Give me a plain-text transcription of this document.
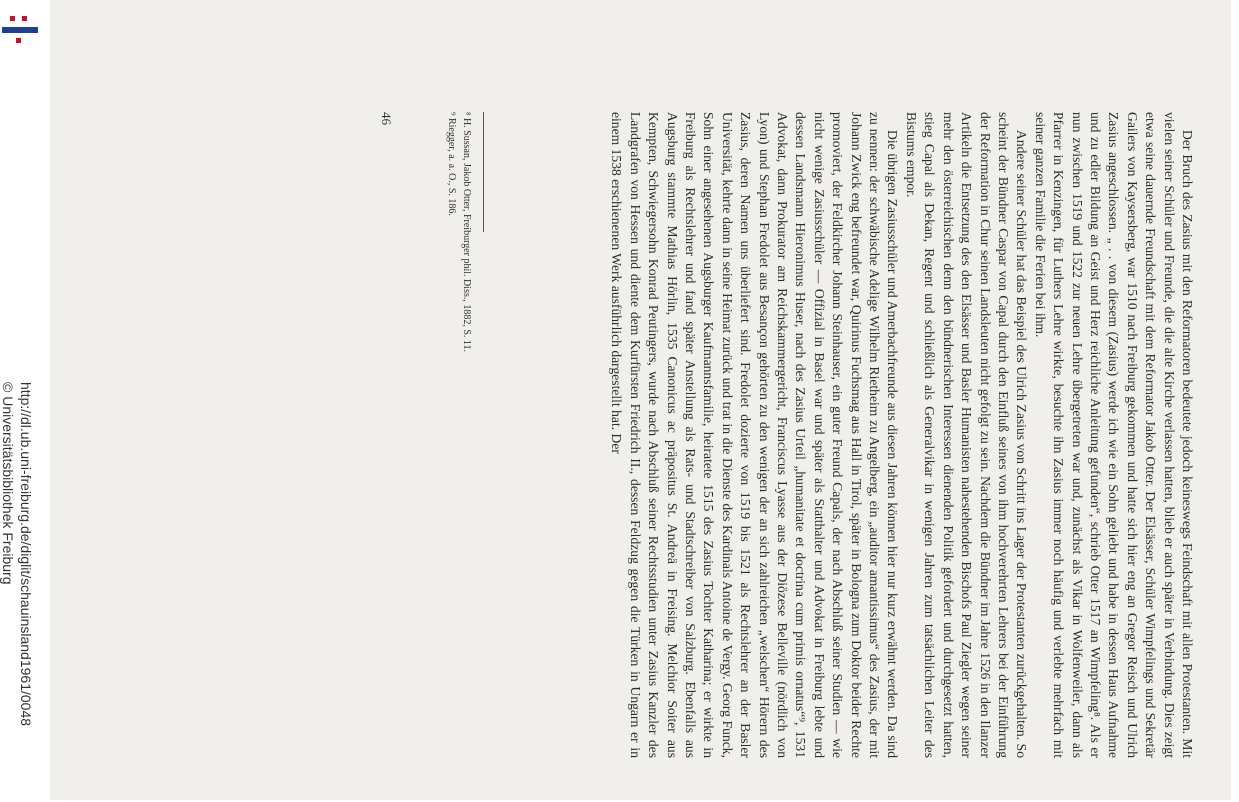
http://dl.ub.uni-freiburg.de/diglit/schauinsland1961/0048
© Universitätsbibliothek Freiburg	Der Bruch des Zasius mit den Reformatoren bedeutete jedoch keineswegs Feindschaft mit allen Protestanten. Mit vielen seiner Schüler und Freunde, die die alte Kirche verlassen hatten, blieb er auch später in Verbindung. Dies zeigt etwa seine dauernde Freundschaft mit dem Reformator Jakob Otter. Der Elsässer, Schüler Wimpfelings und Sekretär Gailers von Kaysersberg, war 1510 nach Freiburg gekommen und hatte sich hier eng an Gregor Reisch und Ulrich Zasius angeschlossen. „ . . von diesem (Zasius) werde ich wie ein Sohn geliebt und habe in dessen Haus Aufnahme und zu edler Bildung an Geist und Herz reichliche Anleitung gefunden“, schrieb Otter 1517 an Wimpfeling⁸. Als er nun zwischen 1519 und 1522 zur neuen Lehre übergetreten war und, zunächst als Vikar in Wolfenweiler, dann als Pfarrer in Kenzingen, für Luthers Lehre wirkte, besuchte ihn Zasius immer noch häufig und verlebte mehrfach mit seiner ganzen Familie die Ferien bei ihm.

Andere seiner Schüler hat das Beispiel des Ulrich Zasius von Schritt ins Lager der Protestanten zurückgehalten. So scheint der Bündner Caspar von Capal durch den Einfluß seines von ihm hochverehrten Lehrers bei der Einführung der Reformation in Chur seinen Landsleuten nicht gefolgt zu sein. Nachdem die Bündner im Jahre 1526 in den Ilanzer Artikeln die Entsetzung des den Elsässer und Basler Humanisten nahestehenden Bischofs Paul Ziegler wegen seiner mehr den österreichischen denn den bündnerischen Interessen dienenden Politik gefordert und durchgesetzt hatten, stieg Capal als Dekan, Regent und schließlich als Generalvikar in wenigen Jahren zum tatsächlichen Leiter des Bistums empor.

Die übrigen Zasiusschüler und Amerbachfreunde aus diesen Jahren können hier nur kurz erwähnt werden. Da sind zu nennen: der schwäbische Adelige Wilhelm Rietheim zu Angelberg, ein „auditor amantissimus“ des Zasius, der mit Johann Zwick eng befreundet war, Quirinus Fuchsmag aus Hall in Tirol, später in Bologna zum Doktor beider Rechte promoviert, der Feldkircher Johann Steinhauser, ein guter Freund Capals, der nach Abschluß seiner Studien — wie nicht wenige Zasiusschüler — Offizial in Basel war und später als Statthalter und Advokat in Freiburg lebte und dessen Landsmann Hieronimus Huser, nach des Zasius Urteil „humanitate et doctrina cum primis ornatus“⁹, 1531 Advokat, dann Prokurator am Reichskammergericht, Franciscus Lyasse aus der Diözese Belleville (nördlich von Lyon) und Stephan Fredolet aus Besançon gehörten zu den wenigen der an sich zahlreichen „welschen“ Hörern des Zasius, deren Namen uns überliefert sind. Fredolet dozierte von 1519 bis 1521 als Rechtslehrer an der Basler Universität, kehrte dann in seine Heimat zurück und trat in die Dienste des Kardinals Antoine de Vergy. Georg Funck, Sohn einer angesehenen Augsburger Kaufmannsfamilie, heiratete 1515 des Zasius Tochter Katharina; er wirkte in Freiburg als Rechtslehrer und fand später Anstellung als Rats- und Stadtschreiber von Salzburg. Ebenfalls aus Augsburg stammte Mathias Hörlin, 1535 Canonicus ac präpositus St. Andreä in Freising. Melchior Soiter aus Kempten, Schwiegersohn Konrad Peutingers, wurde nach Abschluß seiner Rechtsstudien unter Zasius Kanzler des Landgrafen von Hessen und diente dem Kurfürsten Friedrich II., dessen Feldzug gegen die Türken in Ungarn er in einem 1538 erschienenen Werk ausführlich dargestellt hat. Der

⁸ H. Sussan, Jakob Otter, Freiburger phil. Diss., 1882, S. 11.
⁹ Riegger, a. a. O., S. 186.
46
